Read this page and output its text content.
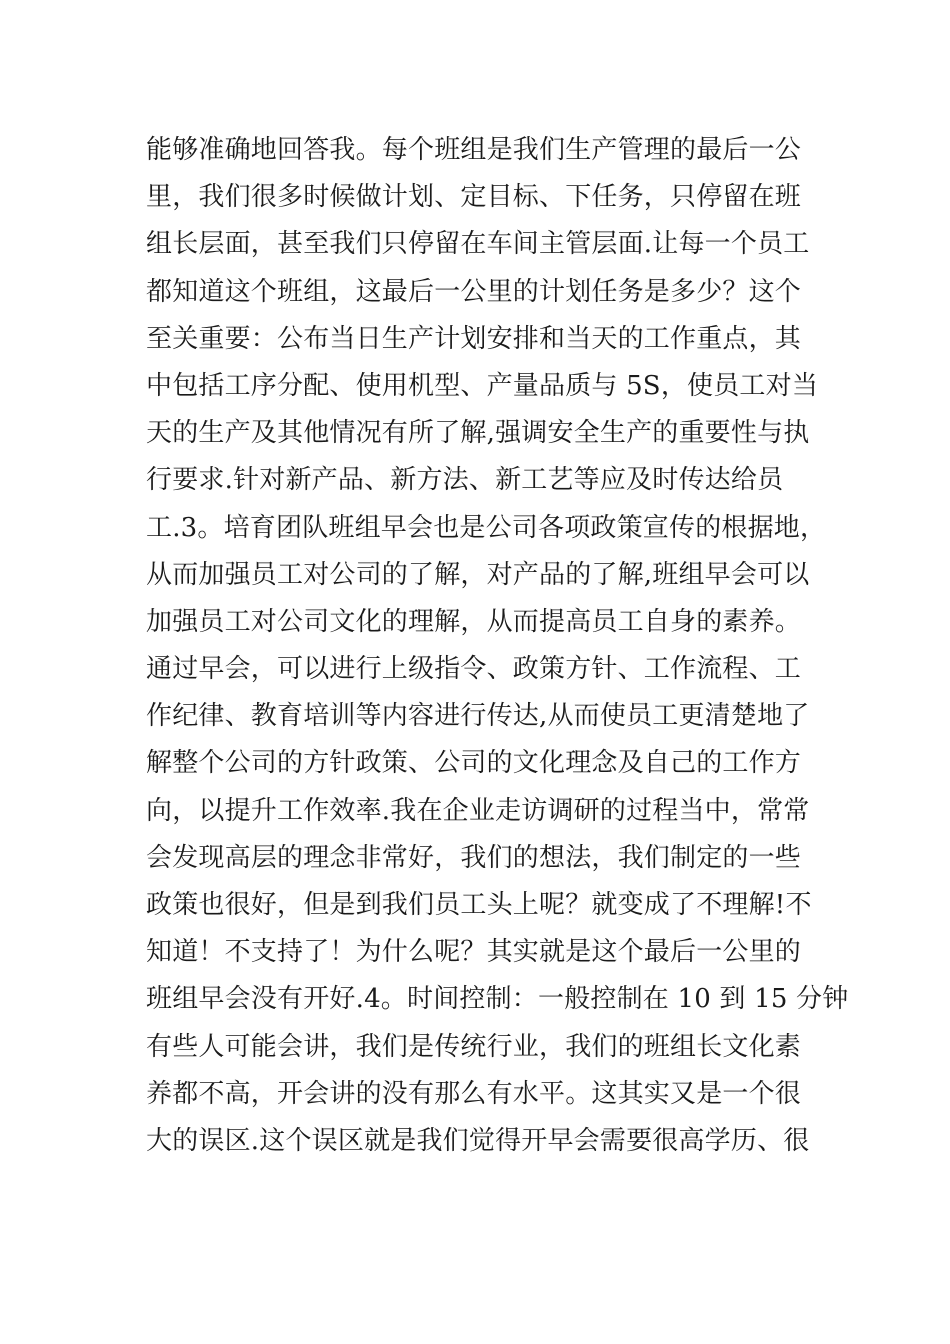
能够准确地回答我。每个班组是我们生产管理的最后一公
里，我们很多时候做计划、定目标、下任务，只停留在班
组长层面，甚至我们只停留在车间主管层面.让每一个员工
都知道这个班组，这最后一公里的计划任务是多少？这个
至关重要：公布当日生产计划安排和当天的工作重点，其
中包括工序分配、使用机型、产量品质与 5S，使员工对当
天的生产及其他情况有所了解,强调安全生产的重要性与执
行要求.针对新产品、新方法、新工艺等应及时传达给员
工.3。培育团队班组早会也是公司各项政策宣传的根据地，
从而加强员工对公司的了解，对产品的了解,班组早会可以
加强员工对公司文化的理解，从而提高员工自身的素养。
通过早会，可以进行上级指令、政策方针、工作流程、工
作纪律、教育培训等内容进行传达,从而使员工更清楚地了
解整个公司的方针政策、公司的文化理念及自己的工作方
向，以提升工作效率.我在企业走访调研的过程当中，常常
会发现高层的理念非常好，我们的想法，我们制定的一些
政策也很好，但是到我们员工头上呢？就变成了不理解!不
知道！不支持了！为什么呢？其实就是这个最后一公里的
班组早会没有开好.4。时间控制：一般控制在 10 到 15 分钟
有些人可能会讲，我们是传统行业，我们的班组长文化素
养都不高，开会讲的没有那么有水平。这其实又是一个很
大的误区.这个误区就是我们觉得开早会需要很高学历、很
